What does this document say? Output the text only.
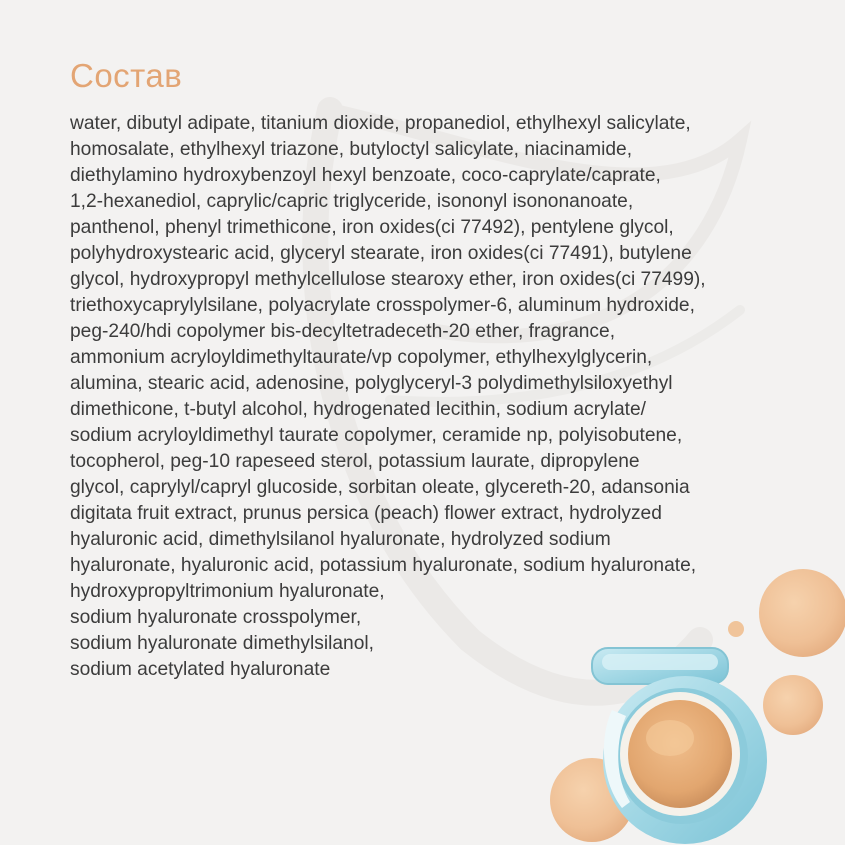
Состав
water, dibutyl adipate, titanium dioxide, propanediol, ethylhexyl salicylate,
homosalate, ethylhexyl triazone, butyloctyl salicylate, niacinamide,
diethylamino hydroxybenzoyl hexyl benzoate, coco-caprylate/caprate,
1,2-hexanediol, caprylic/capric triglyceride, isononyl isononanoate,
panthenol, phenyl trimethicone, iron oxides(ci 77492), pentylene glycol,
polyhydroxystearic acid, glyceryl stearate, iron oxides(ci 77491), butylene
glycol, hydroxypropyl methylcellulose stearoxy ether, iron oxides(ci 77499),
triethoxycaprylylsilane, polyacrylate crosspolymer-6, aluminum hydroxide,
peg-240/hdi copolymer bis-decyltetradeceth-20 ether, fragrance,
ammonium acryloyldimethyltaurate/vp copolymer, ethylhexylglycerin,
alumina, stearic acid, adenosine, polyglyceryl-3 polydimethylsiloxyethyl
dimethicone, t-butyl alcohol, hydrogenated lecithin, sodium acrylate/
sodium acryloyldimethyl taurate copolymer, ceramide np, polyisobutene,
tocopherol, peg-10 rapeseed sterol, potassium laurate, dipropylene
glycol, caprylyl/capryl glucoside, sorbitan oleate, glycereth-20, adansonia
digitata fruit extract, prunus persica (peach) flower extract, hydrolyzed
hyaluronic acid, dimethylsilanol hyaluronate, hydrolyzed sodium
hyaluronate, hyaluronic acid, potassium hyaluronate, sodium hyaluronate,
hydroxypropyltrimonium hyaluronate,
sodium hyaluronate crosspolymer,
sodium hyaluronate dimethylsilanol,
sodium acetylated hyaluronate
